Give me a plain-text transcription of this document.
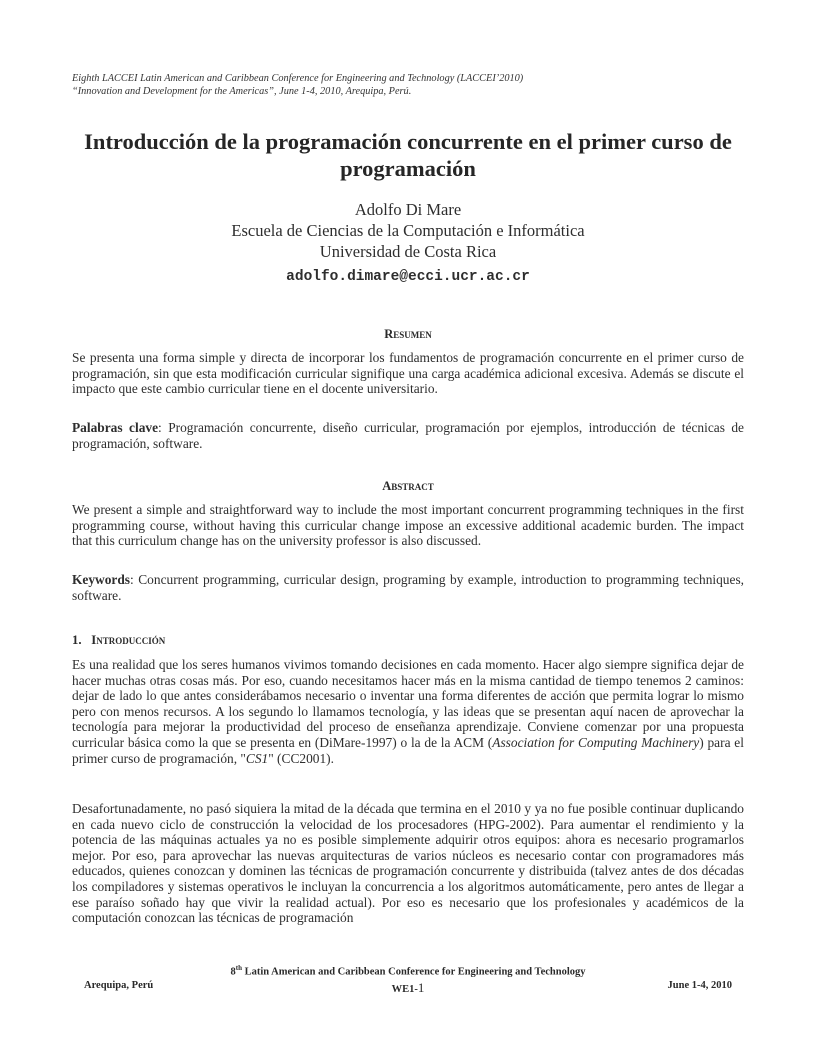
Eighth LACCEI Latin American and Caribbean Conference for Engineering and Technology (LACCEI’2010)
“Innovation and Development for the Americas”, June 1-4, 2010, Arequipa, Perú.
Introducción de la programación concurrente en el primer curso de programación
Adolfo Di Mare
Escuela de Ciencias de la Computación e Informática
Universidad de Costa Rica
adolfo.dimare@ecci.ucr.ac.cr
Resumen
Se presenta una forma simple y directa de incorporar los fundamentos de programación concurrente en el primer curso de programación, sin que esta modificación curricular signifique una carga académica adicional excesiva. Además se discute el impacto que este cambio curricular tiene en el docente universitario.
Palabras clave: Programación concurrente, diseño curricular, programación por ejemplos, introducción de técnicas de programación, software.
Abstract
We present a simple and straightforward way to include the most important concurrent programming techniques in the first programming course, without having this curricular change impose an excessive additional academic burden. The impact that this curriculum change has on the university professor is also discussed.
Keywords: Concurrent programming, curricular design, programing by example, introduction to programming techniques, software.
1. Introducción
Es una realidad que los seres humanos vivimos tomando decisiones en cada momento. Hacer algo siempre significa dejar de hacer muchas otras cosas más. Por eso, cuando necesitamos hacer más en la misma cantidad de tiempo tenemos 2 caminos: dejar de lado lo que antes considerábamos necesario o inventar una forma diferentes de acción que permita lograr lo mismo pero con menos recursos. A los segundo lo llamamos tecnología, y las ideas que se presentan aquí nacen de aprovechar la tecnología para mejorar la productividad del proceso de enseñanza aprendizaje. Conviene comenzar por una propuesta curricular básica como la que se presenta en (DiMare-1997) o la de la ACM (Association for Computing Machinery) para el primer curso de programación, "CS1" (CC2001).
Desafortunadamente, no pasó siquiera la mitad de la década que termina en el 2010 y ya no fue posible continuar duplicando en cada nuevo ciclo de construcción la velocidad de los procesadores (HPG-2002). Para aumentar el rendimiento y la potencia de las máquinas actuales ya no es posible simplemente adquirir otros equipos: ahora es necesario programarlos mejor. Por eso, para aprovechar las nuevas arquitecturas de varios núcleos es necesario contar con programadores más educados, quienes conozcan y dominen las técnicas de programación concurrente y distribuida (talvez antes de dos décadas los compiladores y sistemas operativos le incluyan la concurrencia a los algoritmos automáticamente, pero antes de llegar a ese paraíso soñado hay que vivir la realidad actual). Por eso es necesario que los profesionales y académicos de la computación conozcan las técnicas de programación
8th Latin American and Caribbean Conference for Engineering and Technology
Arequipa, Perú	WE1-1	June 1-4, 2010
